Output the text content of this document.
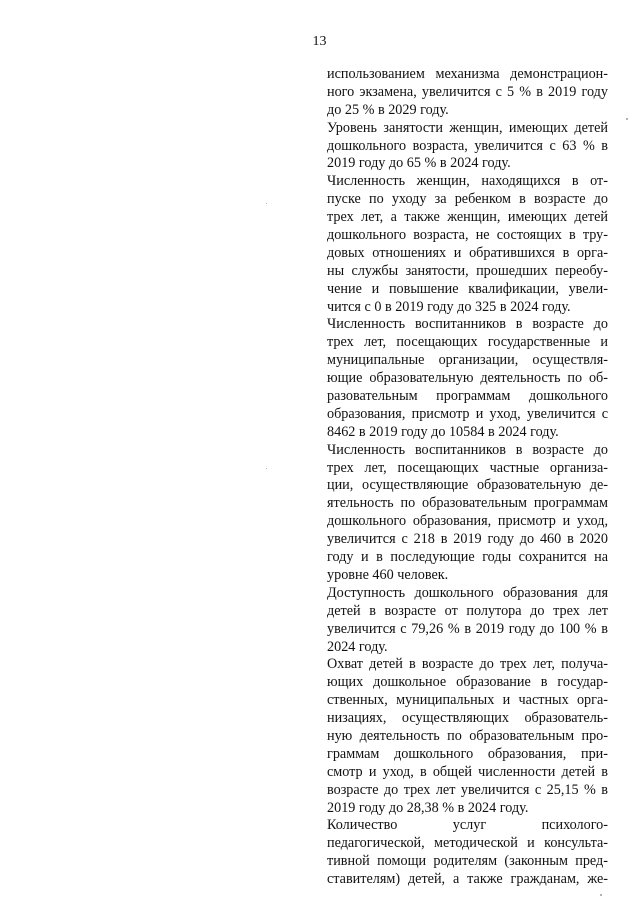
13

использованием механизма демонстрацион-
ного экзамена, увеличится с 5 % в 2019 году
до 25 % в 2029 году.

Уровень занятости женщин, имеющих детей
дошкольного возраста, увеличится с 63 % в
2019 году до 65 % в 2024 году.

Численность женщин, находящихся в от-
пуске по уходу за ребенком в возрасте до
трех лет, а также женщин, имеющих детей
дошкольного возраста, не состоящих в тру-
довых отношениях и обратившихся в орга-
ны службы занятости, прошедших переобу-
чение и повышение квалификации, увели-
чится с 0 в 2019 году до 325 в 2024 году.

Численность воспитанников в возрасте до
трех лет, посещающих государственные и
муниципальные организации, осуществля-
ющие образовательную деятельность по об-
разовательным программам дошкольного
образования, присмотр и уход, увеличится с
8462 в 2019 году до 10584 в 2024 году.

Численность воспитанников в возрасте до
трех лет, посещающих частные организа-
ции, осуществляющие образовательную де-
ятельность по образовательным программам
дошкольного образования, присмотр и уход,
увеличится с 218 в 2019 году до 460 в 2020
году и в последующие годы сохранится на
уровне 460 человек.

Доступность дошкольного образования для
детей в возрасте от полутора до трех лет
увеличится с 79,26 % в 2019 году до 100 % в
2024 году.

Охват детей в возрасте до трех лет, получа-
ющих дошкольное образование в государ-
ственных, муниципальных и частных орга-
низациях, осуществляющих образователь-
ную деятельность по образовательным про-
граммам дошкольного образования, при-
смотр и уход, в общей численности детей в
возрасте до трех лет увеличится с 25,15 % в
2019 году до 28,38 % в 2024 году.

Количество услуг психолого-
педагогической, методической и консульта-
тивной помощи родителям (законным пред-
ставителям) детей, а также гражданам, же-
